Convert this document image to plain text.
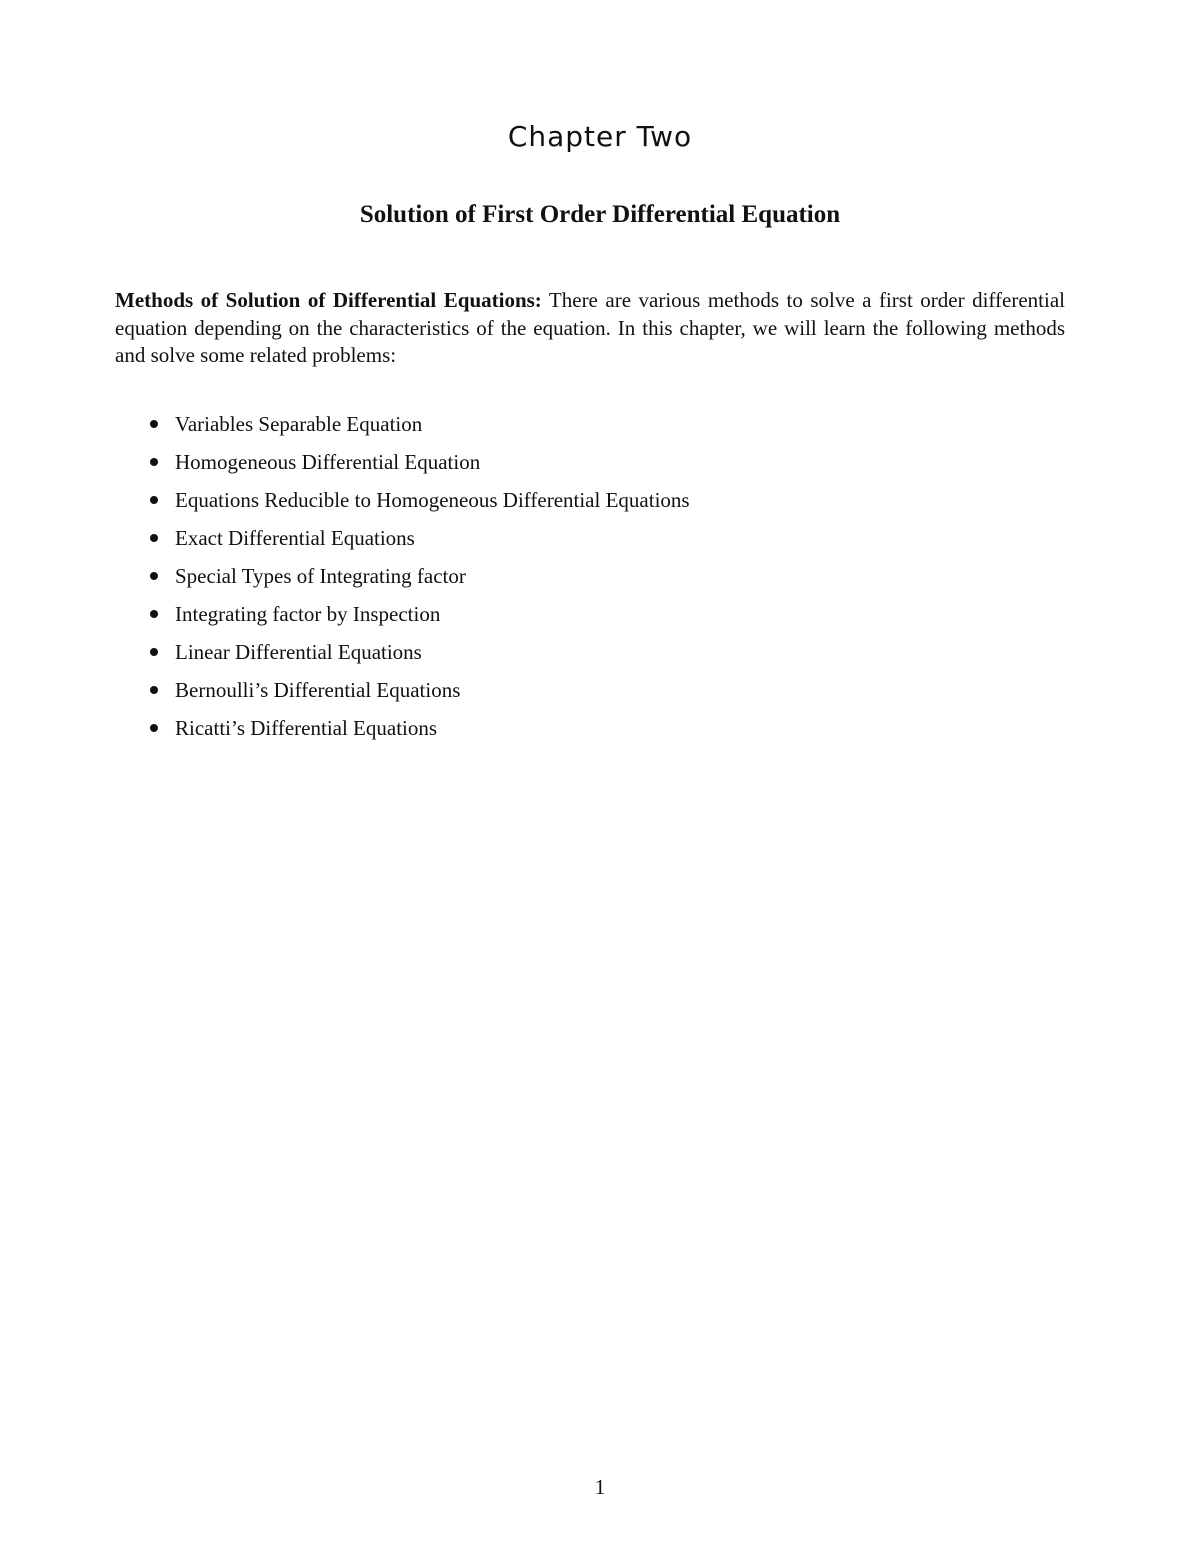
Chapter Two
Solution of First Order Differential Equation

Methods of Solution of Differential Equations: There are various methods to solve a first order differential equation depending on the characteristics of the equation. In this chapter, we will learn the following methods and solve some related problems:

Variables Separable Equation
Homogeneous Differential Equation
Equations Reducible to Homogeneous Differential Equations
Exact Differential Equations
Special Types of Integrating factor
Integrating factor by Inspection
Linear Differential Equations
Bernoulli’s Differential Equations
Ricatti’s Differential Equations

1
